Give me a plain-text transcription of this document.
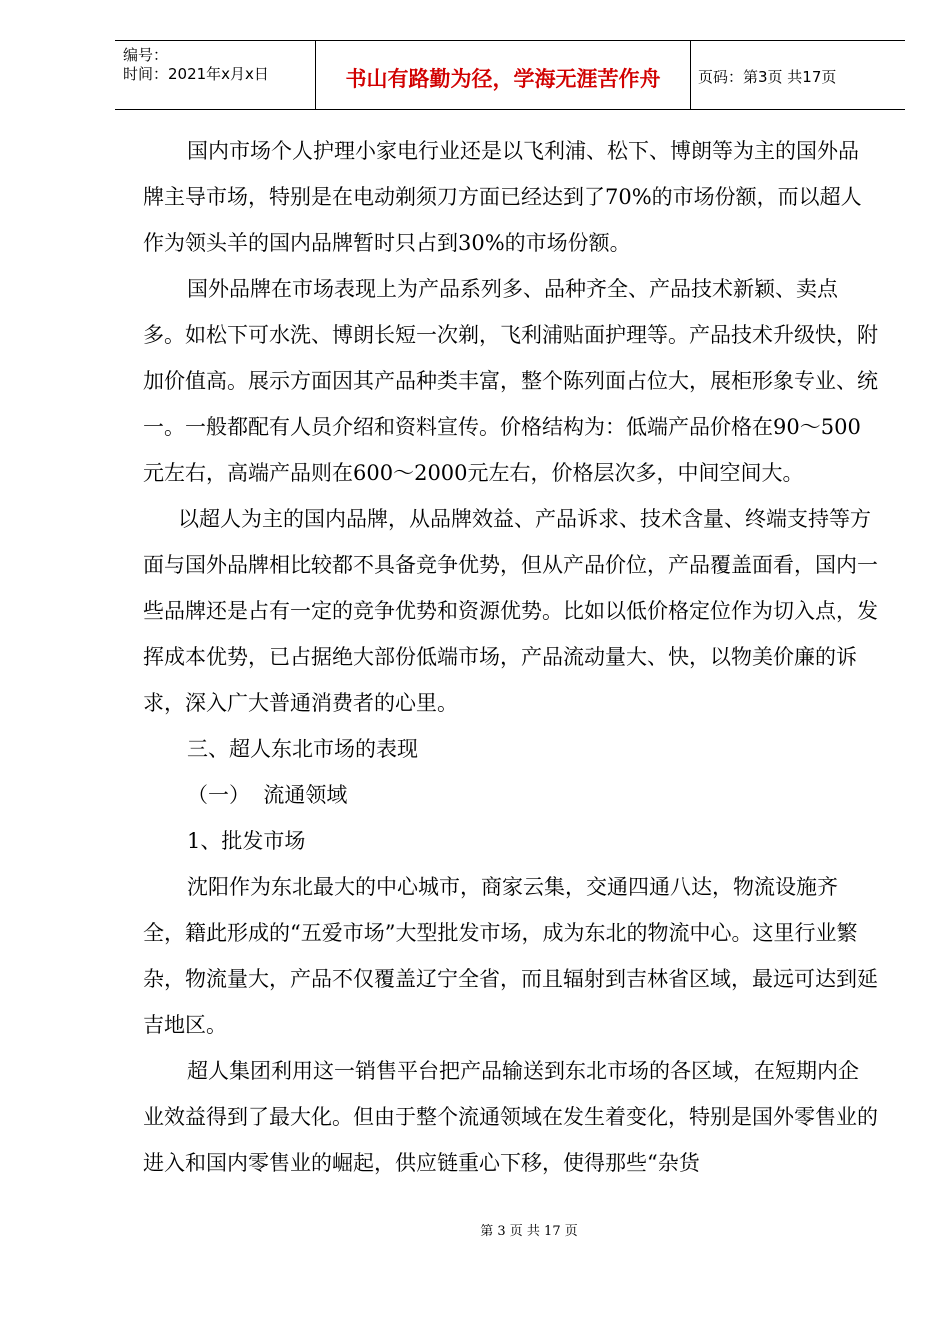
编号：
时间：2021年x月x日	书山有路勤为径，学海无涯苦作舟	页码：第3页 共17页

国内市场个人护理小家电行业还是以飞利浦、松下、博朗等为主的国外品牌主导市场，特别是在电动剃须刀方面已经达到了70%的市场份额，而以超人作为领头羊的国内品牌暂时只占到30%的市场份额。

国外品牌在市场表现上为产品系列多、品种齐全、产品技术新颖、卖点多。如松下可水洗、博朗长短一次剃，飞利浦贴面护理等。产品技术升级快，附加价值高。展示方面因其产品种类丰富，整个陈列面占位大，展柜形象专业、统一。一般都配有人员介绍和资料宣传。价格结构为：低端产品价格在90～500元左右，高端产品则在600～2000元左右，价格层次多，中间空间大。

以超人为主的国内品牌，从品牌效益、产品诉求、技术含量、终端支持等方面与国外品牌相比较都不具备竞争优势，但从产品价位，产品覆盖面看，国内一些品牌还是占有一定的竞争优势和资源优势。比如以低价格定位作为切入点，发挥成本优势，已占据绝大部份低端市场，产品流动量大、快，以物美价廉的诉求，深入广大普通消费者的心里。

三、超人东北市场的表现

（一）  流通领域

1、批发市场

沈阳作为东北最大的中心城市，商家云集，交通四通八达，物流设施齐全，籍此形成的“五爱市场”大型批发市场，成为东北的物流中心。这里行业繁杂，物流量大，产品不仅覆盖辽宁全省，而且辐射到吉林省区域，最远可达到延吉地区。

超人集团利用这一销售平台把产品输送到东北市场的各区域，在短期内企业效益得到了最大化。但由于整个流通领域在发生着变化，特别是国外零售业的进入和国内零售业的崛起，供应链重心下移，使得那些“杂货

第 3 页 共 17 页
